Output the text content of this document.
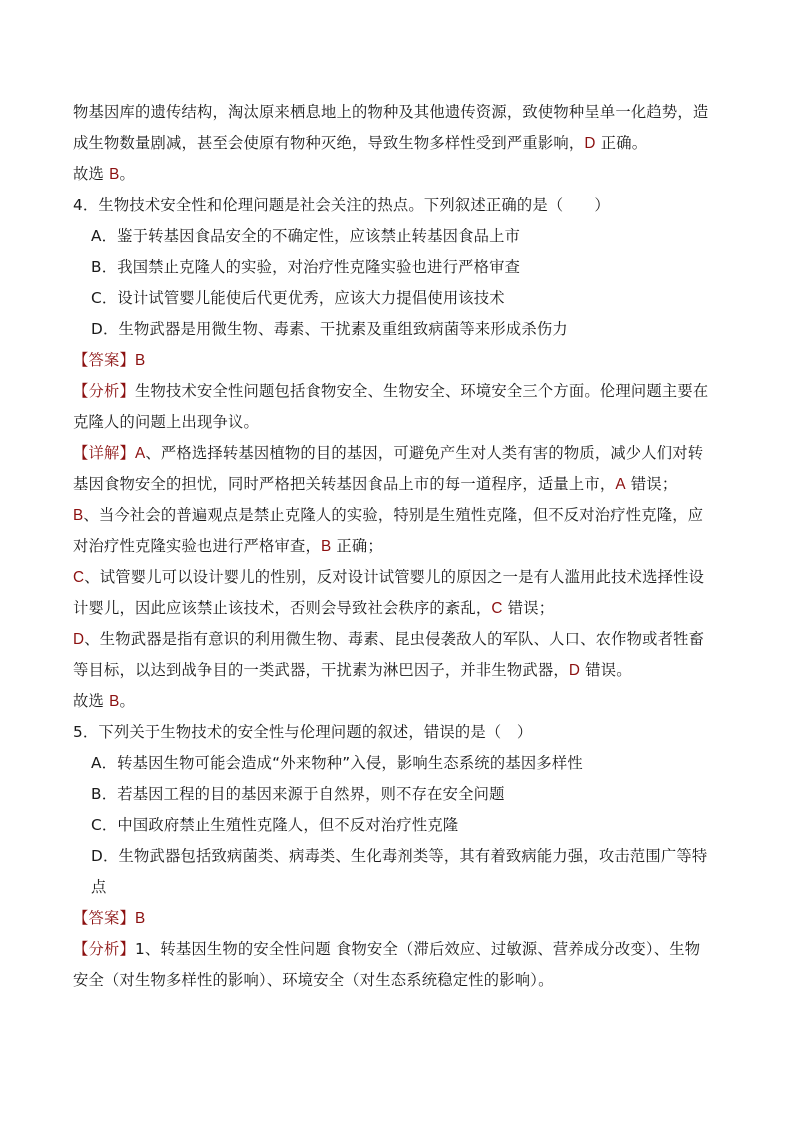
物基因库的遗传结构，淘汰原来栖息地上的物种及其他遗传资源，致使物种呈单一化趋势，造

成生物数量剧减，甚至会使原有物种灭绝，导致生物多样性受到严重影响，D 正确。

故选 B。

4．生物技术安全性和伦理问题是社会关注的热点。下列叙述正确的是（　　）

A．鉴于转基因食品安全的不确定性，应该禁止转基因食品上市

B．我国禁止克隆人的实验，对治疗性克隆实验也进行严格审查

C．设计试管婴儿能使后代更优秀，应该大力提倡使用该技术

D．生物武器是用微生物、毒素、干扰素及重组致病菌等来形成杀伤力

【答案】B

【分析】生物技术安全性问题包括食物安全、生物安全、环境安全三个方面。伦理问题主要在

克隆人的问题上出现争议。

【详解】A、严格选择转基因植物的目的基因，可避免产生对人类有害的物质，减少人们对转

基因食物安全的担忧，同时严格把关转基因食品上市的每一道程序，适量上市，A 错误；

B、当今社会的普遍观点是禁止克隆人的实验，特别是生殖性克隆，但不反对治疗性克隆，应

对治疗性克隆实验也进行严格审查，B 正确；

C、试管婴儿可以设计婴儿的性别，反对设计试管婴儿的原因之一是有人滥用此技术选择性设

计婴儿，因此应该禁止该技术，否则会导致社会秩序的紊乱，C 错误；

D、生物武器是指有意识的利用微生物、毒素、昆虫侵袭敌人的军队、人口、农作物或者牲畜

等目标，以达到战争目的一类武器，干扰素为淋巴因子，并非生物武器，D 错误。

故选 B。

5．下列关于生物技术的安全性与伦理问题的叙述，错误的是（　）

A．转基因生物可能会造成“外来物种”入侵，影响生态系统的基因多样性

B．若基因工程的目的基因来源于自然界，则不存在安全问题

C．中国政府禁止生殖性克隆人，但不反对治疗性克隆

D．生物武器包括致病菌类、病毒类、生化毒剂类等，其有着致病能力强，攻击范围广等特

点

【答案】B

【分析】1、转基因生物的安全性问题 食物安全（滞后效应、过敏源、营养成分改变）、生物

安全（对生物多样性的影响）、环境安全（对生态系统稳定性的影响）。
